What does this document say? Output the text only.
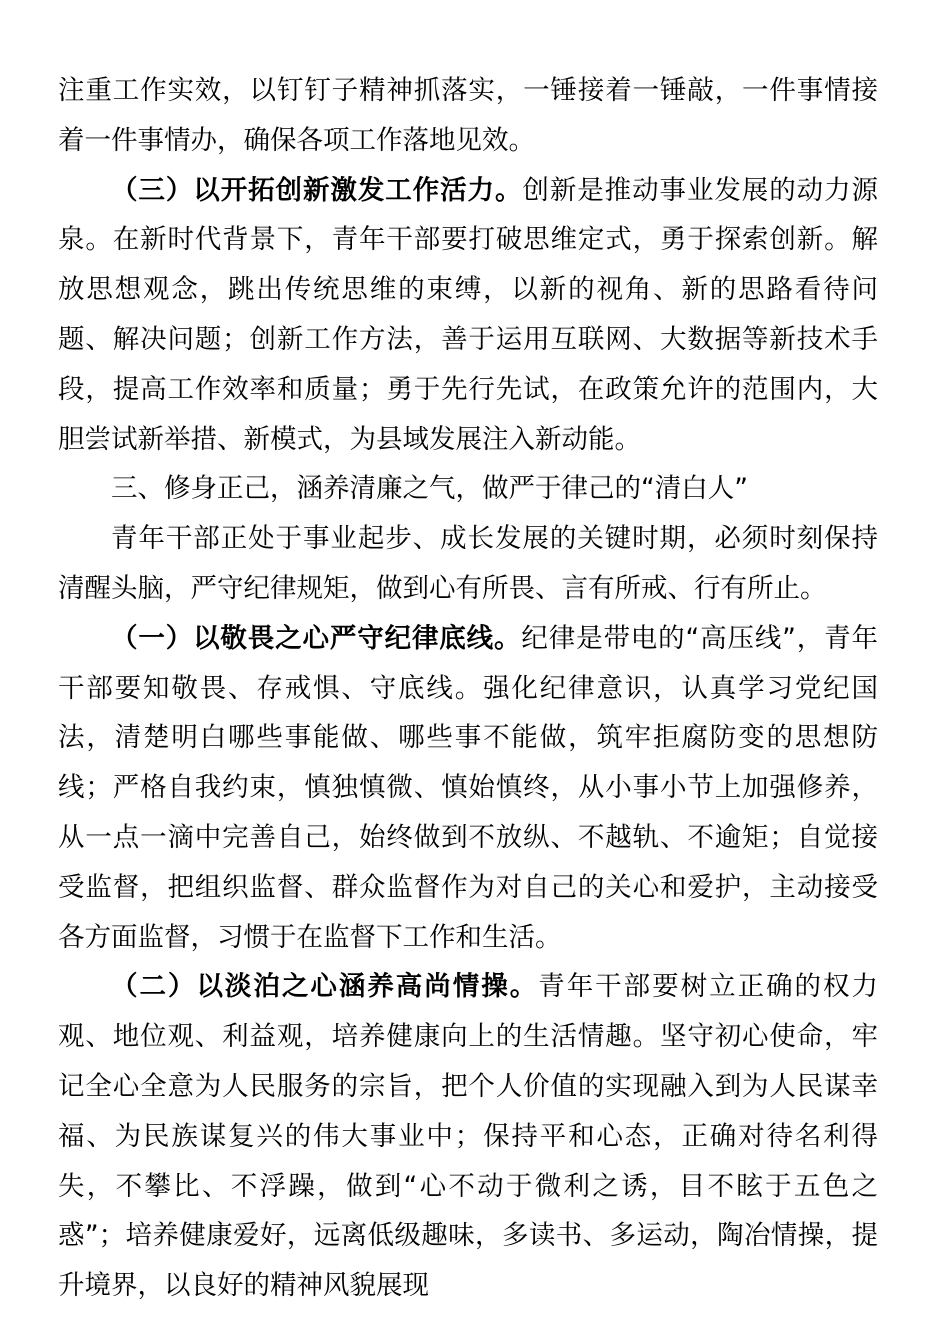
注重工作实效，以钉钉子精神抓落实，一锤接着一锤敲，一件事情接着一件事情办，确保各项工作落地见效。

（三）以开拓创新激发工作活力。创新是推动事业发展的动力源泉。在新时代背景下，青年干部要打破思维定式，勇于探索创新。解放思想观念，跳出传统思维的束缚，以新的视角、新的思路看待问题、解决问题；创新工作方法，善于运用互联网、大数据等新技术手段，提高工作效率和质量；勇于先行先试，在政策允许的范围内，大胆尝试新举措、新模式，为县域发展注入新动能。

三、修身正己，涵养清廉之气，做严于律己的“清白人”

青年干部正处于事业起步、成长发展的关键时期，必须时刻保持清醒头脑，严守纪律规矩，做到心有所畏、言有所戒、行有所止。

（一）以敬畏之心严守纪律底线。纪律是带电的“高压线”，青年干部要知敬畏、存戒惧、守底线。强化纪律意识，认真学习党纪国法，清楚明白哪些事能做、哪些事不能做，筑牢拒腐防变的思想防线；严格自我约束，慎独慎微、慎始慎终，从小事小节上加强修养，从一点一滴中完善自己，始终做到不放纵、不越轨、不逾矩；自觉接受监督，把组织监督、群众监督作为对自己的关心和爱护，主动接受各方面监督，习惯于在监督下工作和生活。

（二）以淡泊之心涵养高尚情操。青年干部要树立正确的权力观、地位观、利益观，培养健康向上的生活情趣。坚守初心使命，牢记全心全意为人民服务的宗旨，把个人价值的实现融入到为人民谋幸福、为民族谋复兴的伟大事业中；保持平和心态，正确对待名利得失，不攀比、不浮躁，做到“心不动于微利之诱，目不眩于五色之惑”；培养健康爱好，远离低级趣味，多读书、多运动，陶冶情操，提升境界，以良好的精神风貌展现
